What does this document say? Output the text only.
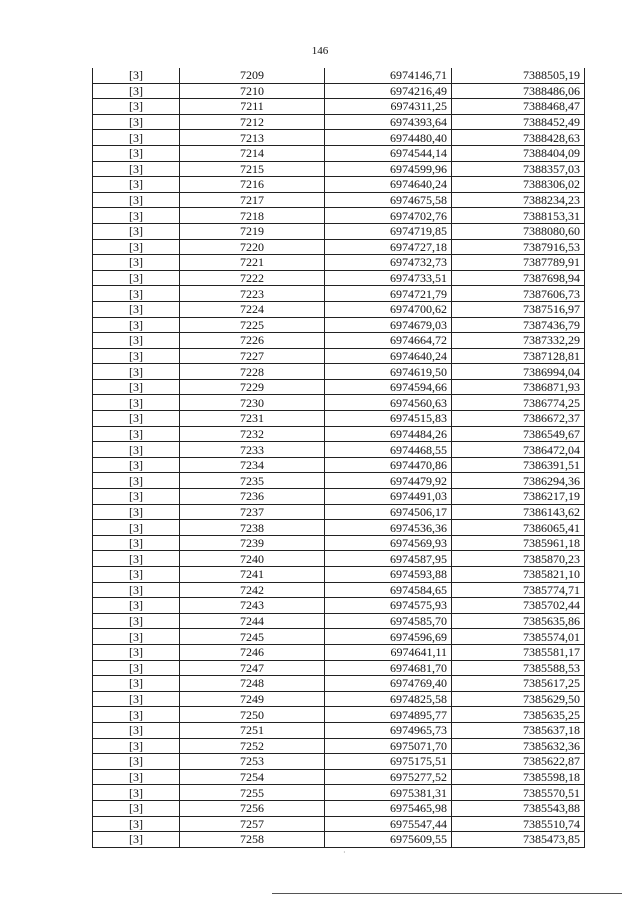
146
[3]	7209	6974146,71	7388505,19
[3]	7210	6974216,49	7388486,06
[3]	7211	6974311,25	7388468,47
[3]	7212	6974393,64	7388452,49
[3]	7213	6974480,40	7388428,63
[3]	7214	6974544,14	7388404,09
[3]	7215	6974599,96	7388357,03
[3]	7216	6974640,24	7388306,02
[3]	7217	6974675,58	7388234,23
[3]	7218	6974702,76	7388153,31
[3]	7219	6974719,85	7388080,60
[3]	7220	6974727,18	7387916,53
[3]	7221	6974732,73	7387789,91
[3]	7222	6974733,51	7387698,94
[3]	7223	6974721,79	7387606,73
[3]	7224	6974700,62	7387516,97
[3]	7225	6974679,03	7387436,79
[3]	7226	6974664,72	7387332,29
[3]	7227	6974640,24	7387128,81
[3]	7228	6974619,50	7386994,04
[3]	7229	6974594,66	7386871,93
[3]	7230	6974560,63	7386774,25
[3]	7231	6974515,83	7386672,37
[3]	7232	6974484,26	7386549,67
[3]	7233	6974468,55	7386472,04
[3]	7234	6974470,86	7386391,51
[3]	7235	6974479,92	7386294,36
[3]	7236	6974491,03	7386217,19
[3]	7237	6974506,17	7386143,62
[3]	7238	6974536,36	7386065,41
[3]	7239	6974569,93	7385961,18
[3]	7240	6974587,95	7385870,23
[3]	7241	6974593,88	7385821,10
[3]	7242	6974584,65	7385774,71
[3]	7243	6974575,93	7385702,44
[3]	7244	6974585,70	7385635,86
[3]	7245	6974596,69	7385574,01
[3]	7246	6974641,11	7385581,17
[3]	7247	6974681,70	7385588,53
[3]	7248	6974769,40	7385617,25
[3]	7249	6974825,58	7385629,50
[3]	7250	6974895,77	7385635,25
[3]	7251	6974965,73	7385637,18
[3]	7252	6975071,70	7385632,36
[3]	7253	6975175,51	7385622,87
[3]	7254	6975277,52	7385598,18
[3]	7255	6975381,31	7385570,51
[3]	7256	6975465,98	7385543,88
[3]	7257	6975547,44	7385510,74
[3]	7258	6975609,55	7385473,85
·
